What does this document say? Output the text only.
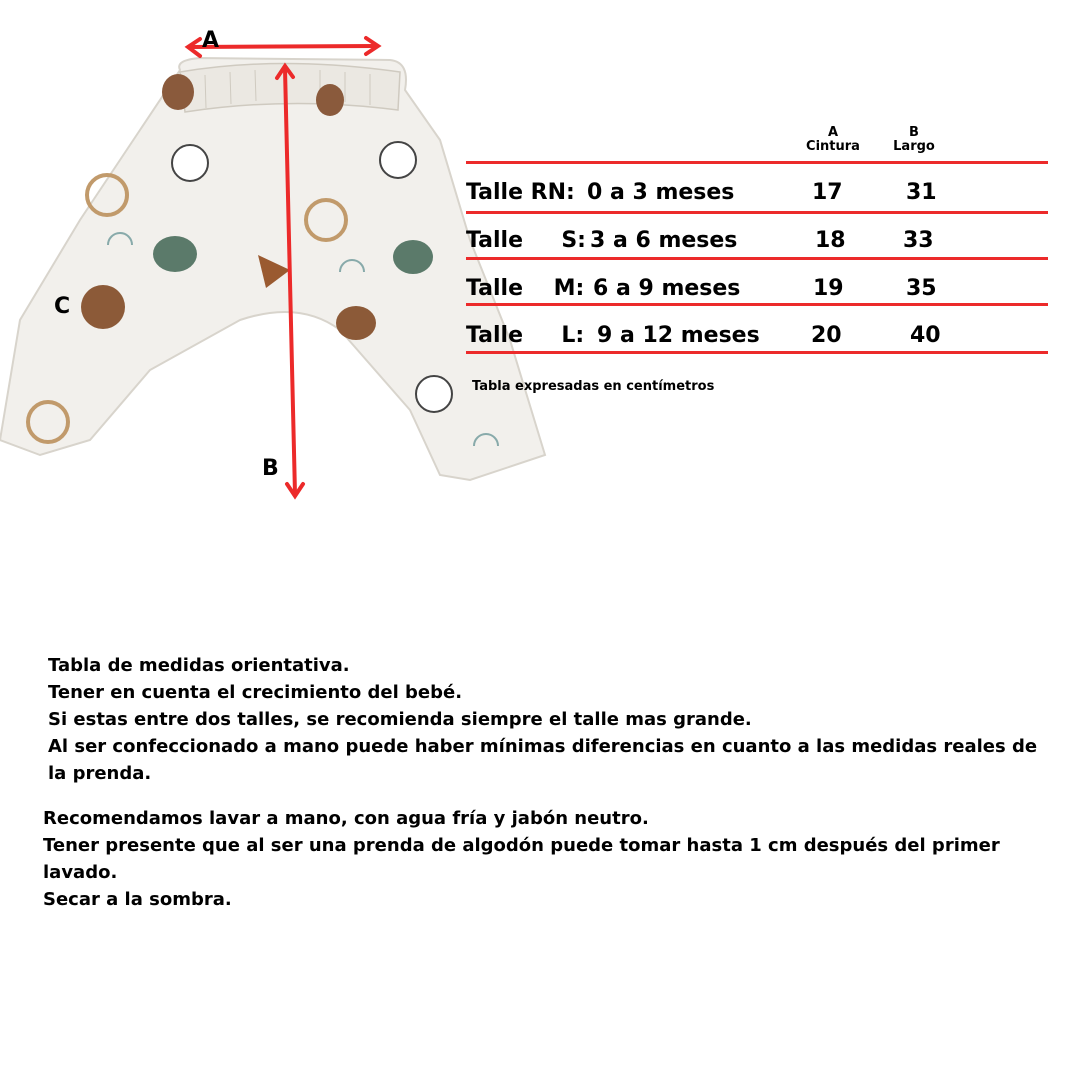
A
B
C
A
Cintura
B
Largo
Talle RN: 0 a 3 meses	17	31
Talle     S: 3 a 6 meses	18	33
Talle    M: 6 a 9 meses	19	35
Talle     L: 9 a 12 meses 20	40
Tabla expresadas en centímetros
Tabla de medidas orientativa.
Tener en cuenta el crecimiento del bebé.
Si estas entre dos talles, se recomienda siempre el talle mas grande.
Al ser confeccionado a mano puede haber mínimas diferencias en cuanto a las medidas reales de la prenda.
Recomendamos lavar a mano, con agua fría y jabón neutro.
Tener presente que al ser una prenda de algodón puede tomar hasta 1 cm después del primer lavado.
Secar a la sombra.
